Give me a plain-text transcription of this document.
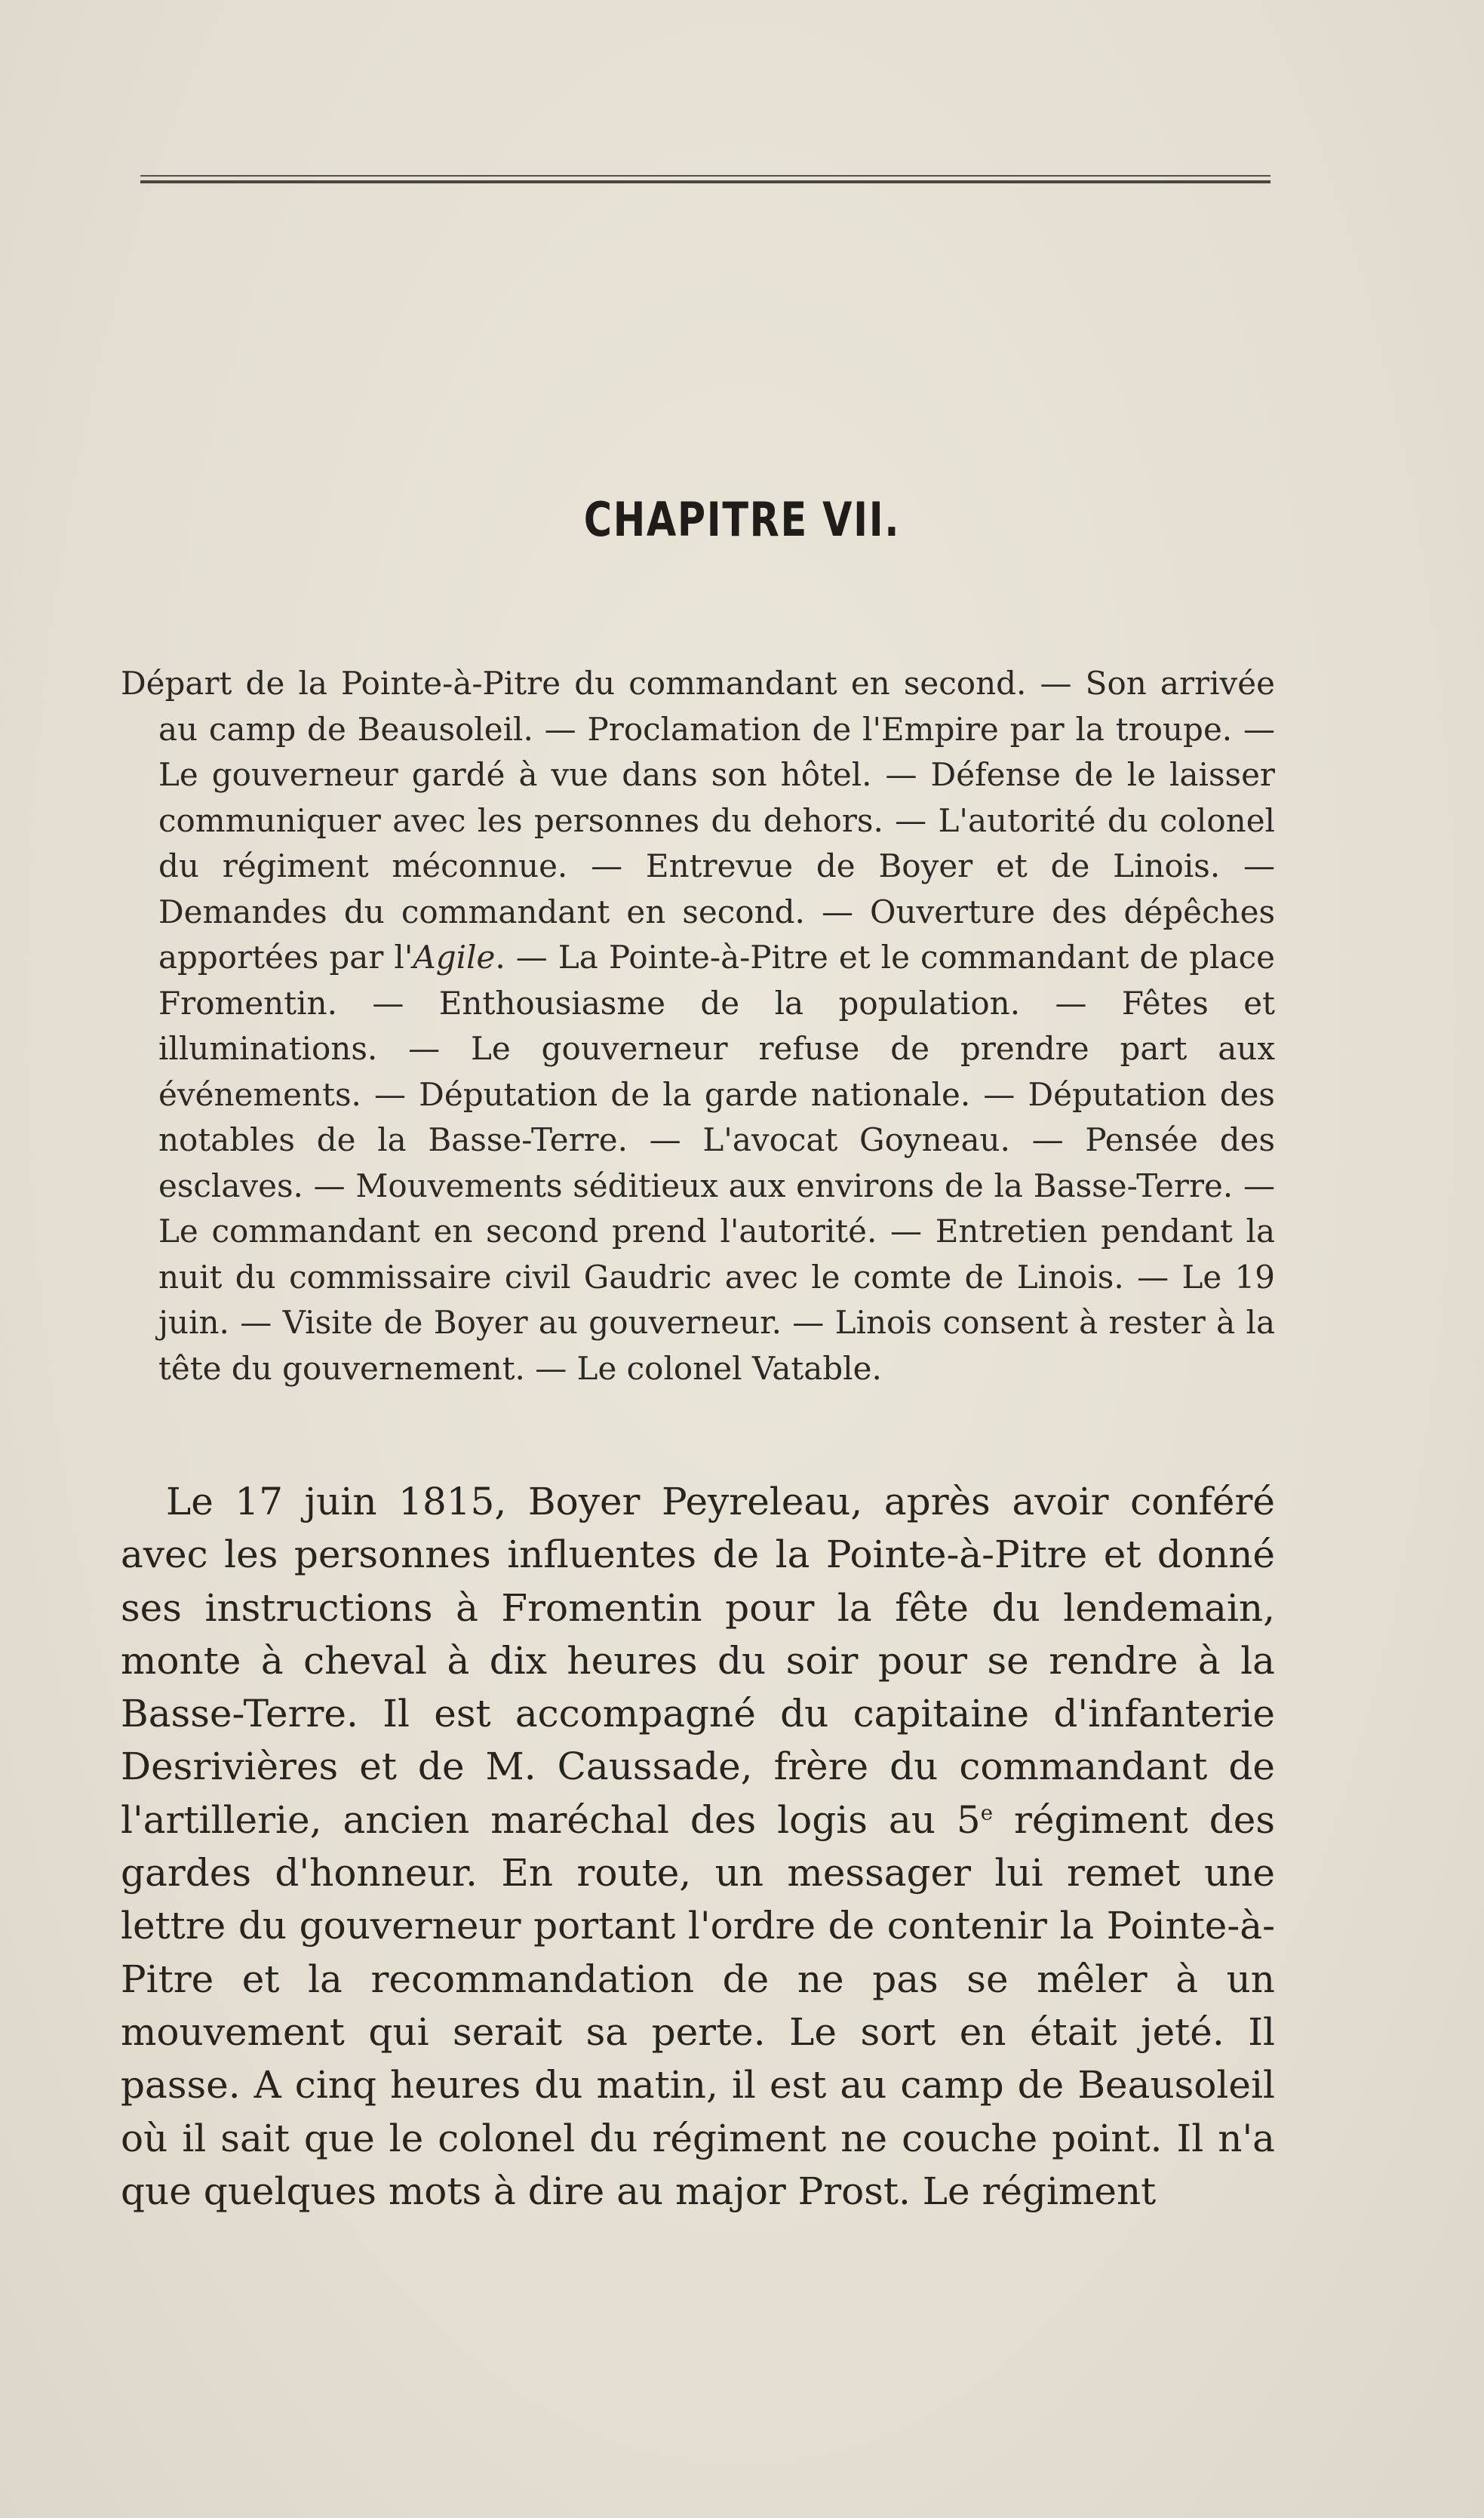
CHAPITRE VII.

Départ de la Pointe-à-Pitre du commandant en second. — Son arrivée au camp de Beausoleil. — Proclamation de l'Empire par la troupe. — Le gouverneur gardé à vue dans son hôtel. — Défense de le laisser communiquer avec les personnes du dehors. — L'autorité du colonel du régiment méconnue. — Entrevue de Boyer et de Linois. — Demandes du commandant en second. — Ouverture des dépêches apportées par l'Agile. — La Pointe-à-Pitre et le commandant de place Fromentin. — Enthousiasme de la population. — Fêtes et illuminations. — Le gouverneur refuse de prendre part aux événements. — Députation de la garde nationale. — Députation des notables de la Basse-Terre. — L'avocat Goyneau. — Pensée des esclaves. — Mouvements séditieux aux environs de la Basse-Terre. — Le commandant en second prend l'autorité. — Entretien pendant la nuit du commissaire civil Gaudric avec le comte de Linois. — Le 19 juin. — Visite de Boyer au gouverneur. — Linois consent à rester à la tête du gouvernement. — Le colonel Vatable.

Le 17 juin 1815, Boyer Peyreleau, après avoir conféré avec les personnes influentes de la Pointe-à-Pitre et donné ses instructions à Fromentin pour la fête du lendemain, monte à cheval à dix heures du soir pour se rendre à la Basse-Terre. Il est accompagné du capitaine d'infanterie Desrivières et de M. Caussade, frère du commandant de l'artillerie, ancien maréchal des logis au 5e régiment des gardes d'honneur. En route, un messager lui remet une lettre du gouverneur portant l'ordre de contenir la Pointe-à-Pitre et la recommandation de ne pas se mêler à un mouvement qui serait sa perte. Le sort en était jeté. Il passe. A cinq heures du matin, il est au camp de Beausoleil où il sait que le colonel du régiment ne couche point. Il n'a que quelques mots à dire au major Prost. Le régiment
